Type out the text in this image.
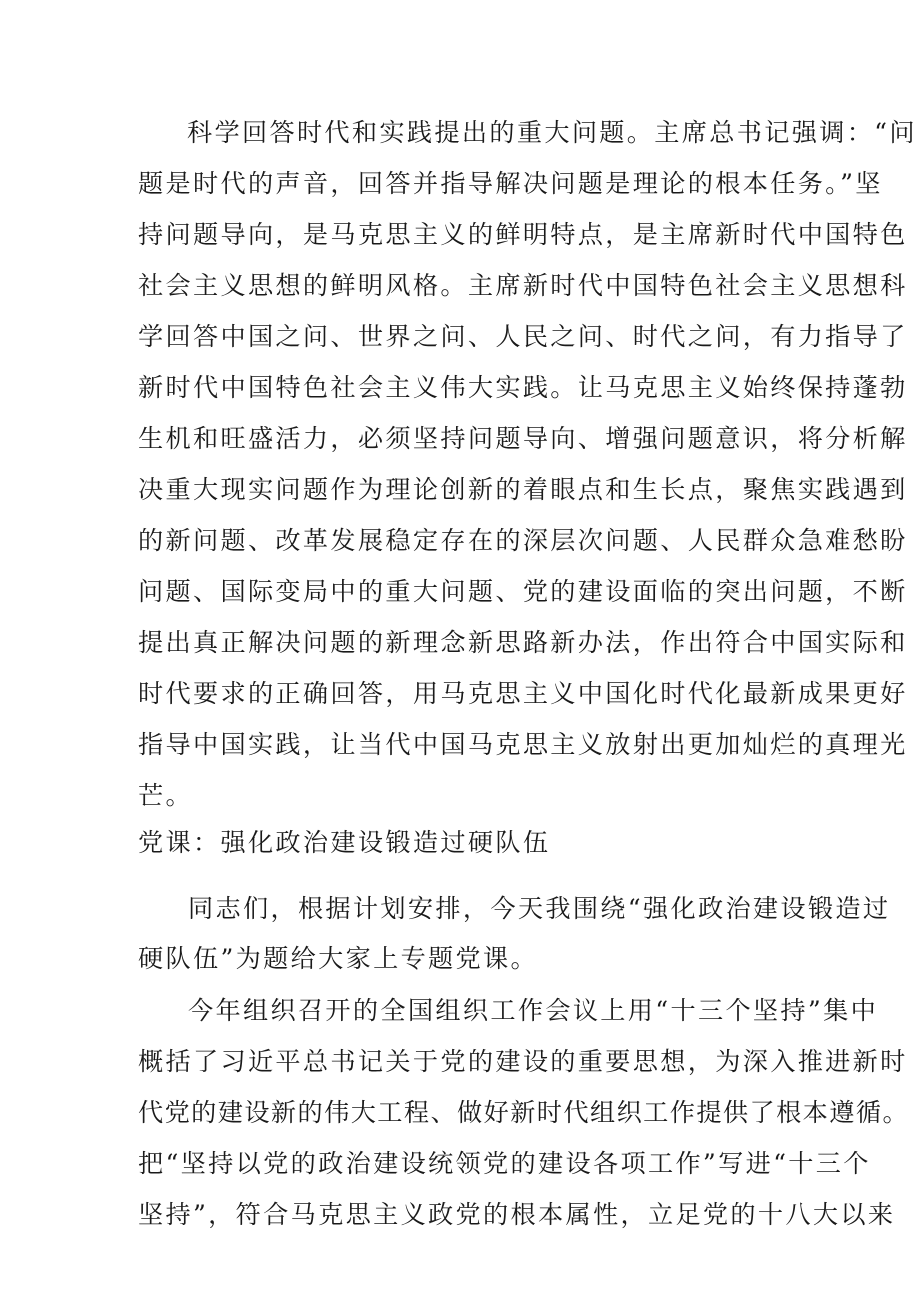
科学回答时代和实践提出的重大问题。主席总书记强调：“问
题是时代的声音，回答并指导解决问题是理论的根本任务。”坚
持问题导向，是马克思主义的鲜明特点，是主席新时代中国特色
社会主义思想的鲜明风格。主席新时代中国特色社会主义思想科
学回答中国之问、世界之问、人民之问、时代之问，有力指导了
新时代中国特色社会主义伟大实践。让马克思主义始终保持蓬勃
生机和旺盛活力，必须坚持问题导向、增强问题意识，将分析解
决重大现实问题作为理论创新的着眼点和生长点，聚焦实践遇到
的新问题、改革发展稳定存在的深层次问题、人民群众急难愁盼
问题、国际变局中的重大问题、党的建设面临的突出问题，不断
提出真正解决问题的新理念新思路新办法，作出符合中国实际和
时代要求的正确回答，用马克思主义中国化时代化最新成果更好
指导中国实践，让当代中国马克思主义放射出更加灿烂的真理光
芒。
党课：强化政治建设锻造过硬队伍
同志们，根据计划安排，今天我围绕“强化政治建设锻造过
硬队伍”为题给大家上专题党课。
今年组织召开的全国组织工作会议上用“十三个坚持”集中
概括了习近平总书记关于党的建设的重要思想，为深入推进新时
代党的建设新的伟大工程、做好新时代组织工作提供了根本遵循。
把“坚持以党的政治建设统领党的建设各项工作”写进“十三个
坚持”，符合马克思主义政党的根本属性，立足党的十八大以来
